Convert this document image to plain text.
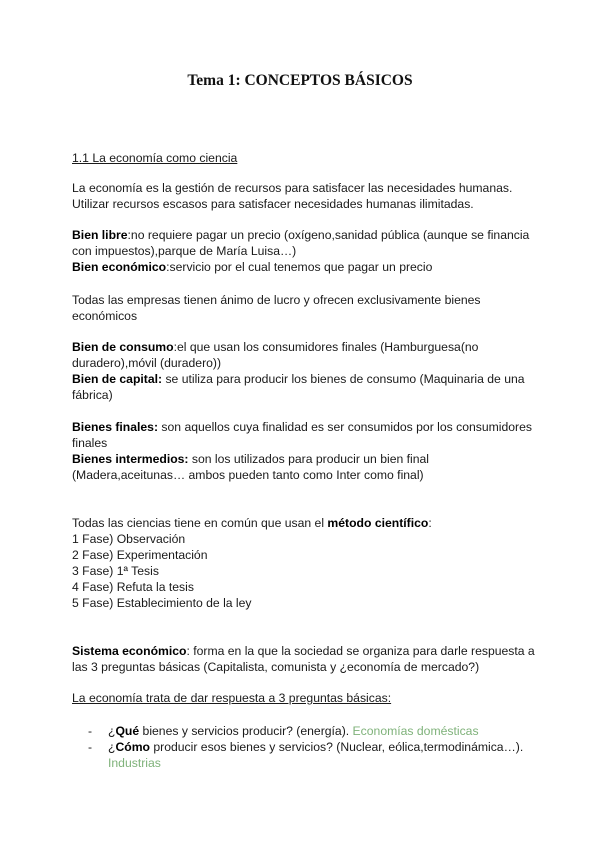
Tema 1: CONCEPTOS BÁSICOS
1.1 La economía como ciencia
La economía es la gestión de recursos para satisfacer las necesidades humanas.
Utilizar recursos escasos para satisfacer necesidades humanas ilimitadas.
Bien libre:no requiere pagar un precio (oxígeno,sanidad pública (aunque se financia con impuestos),parque de María Luisa…)
Bien económico:servicio por el cual tenemos que pagar un precio
Todas las empresas tienen ánimo de lucro y ofrecen exclusivamente bienes económicos
Bien de consumo:el que usan los consumidores finales (Hamburguesa(no duradero),móvil (duradero))
Bien de capital: se utiliza para producir los bienes de consumo (Maquinaria de una fábrica)
Bienes finales: son aquellos cuya finalidad es ser consumidos por los consumidores finales
Bienes intermedios: son los utilizados para producir un bien final (Madera,aceitunas… ambos pueden tanto como Inter como final)
Todas las ciencias tiene en común que usan el método científico:
1 Fase) Observación
2 Fase) Experimentación
3 Fase) 1ª Tesis
4 Fase) Refuta la tesis
5 Fase) Establecimiento de la ley
Sistema económico: forma en la que la sociedad se organiza para darle respuesta a las 3 preguntas básicas (Capitalista, comunista y ¿economía de mercado?)
La economía trata de dar respuesta a 3 preguntas básicas:
- ¿Qué bienes y servicios producir? (energía). Economías domésticas
- ¿Cómo producir esos bienes y servicios? (Nuclear, eólica,termodinámica…). Industrias
